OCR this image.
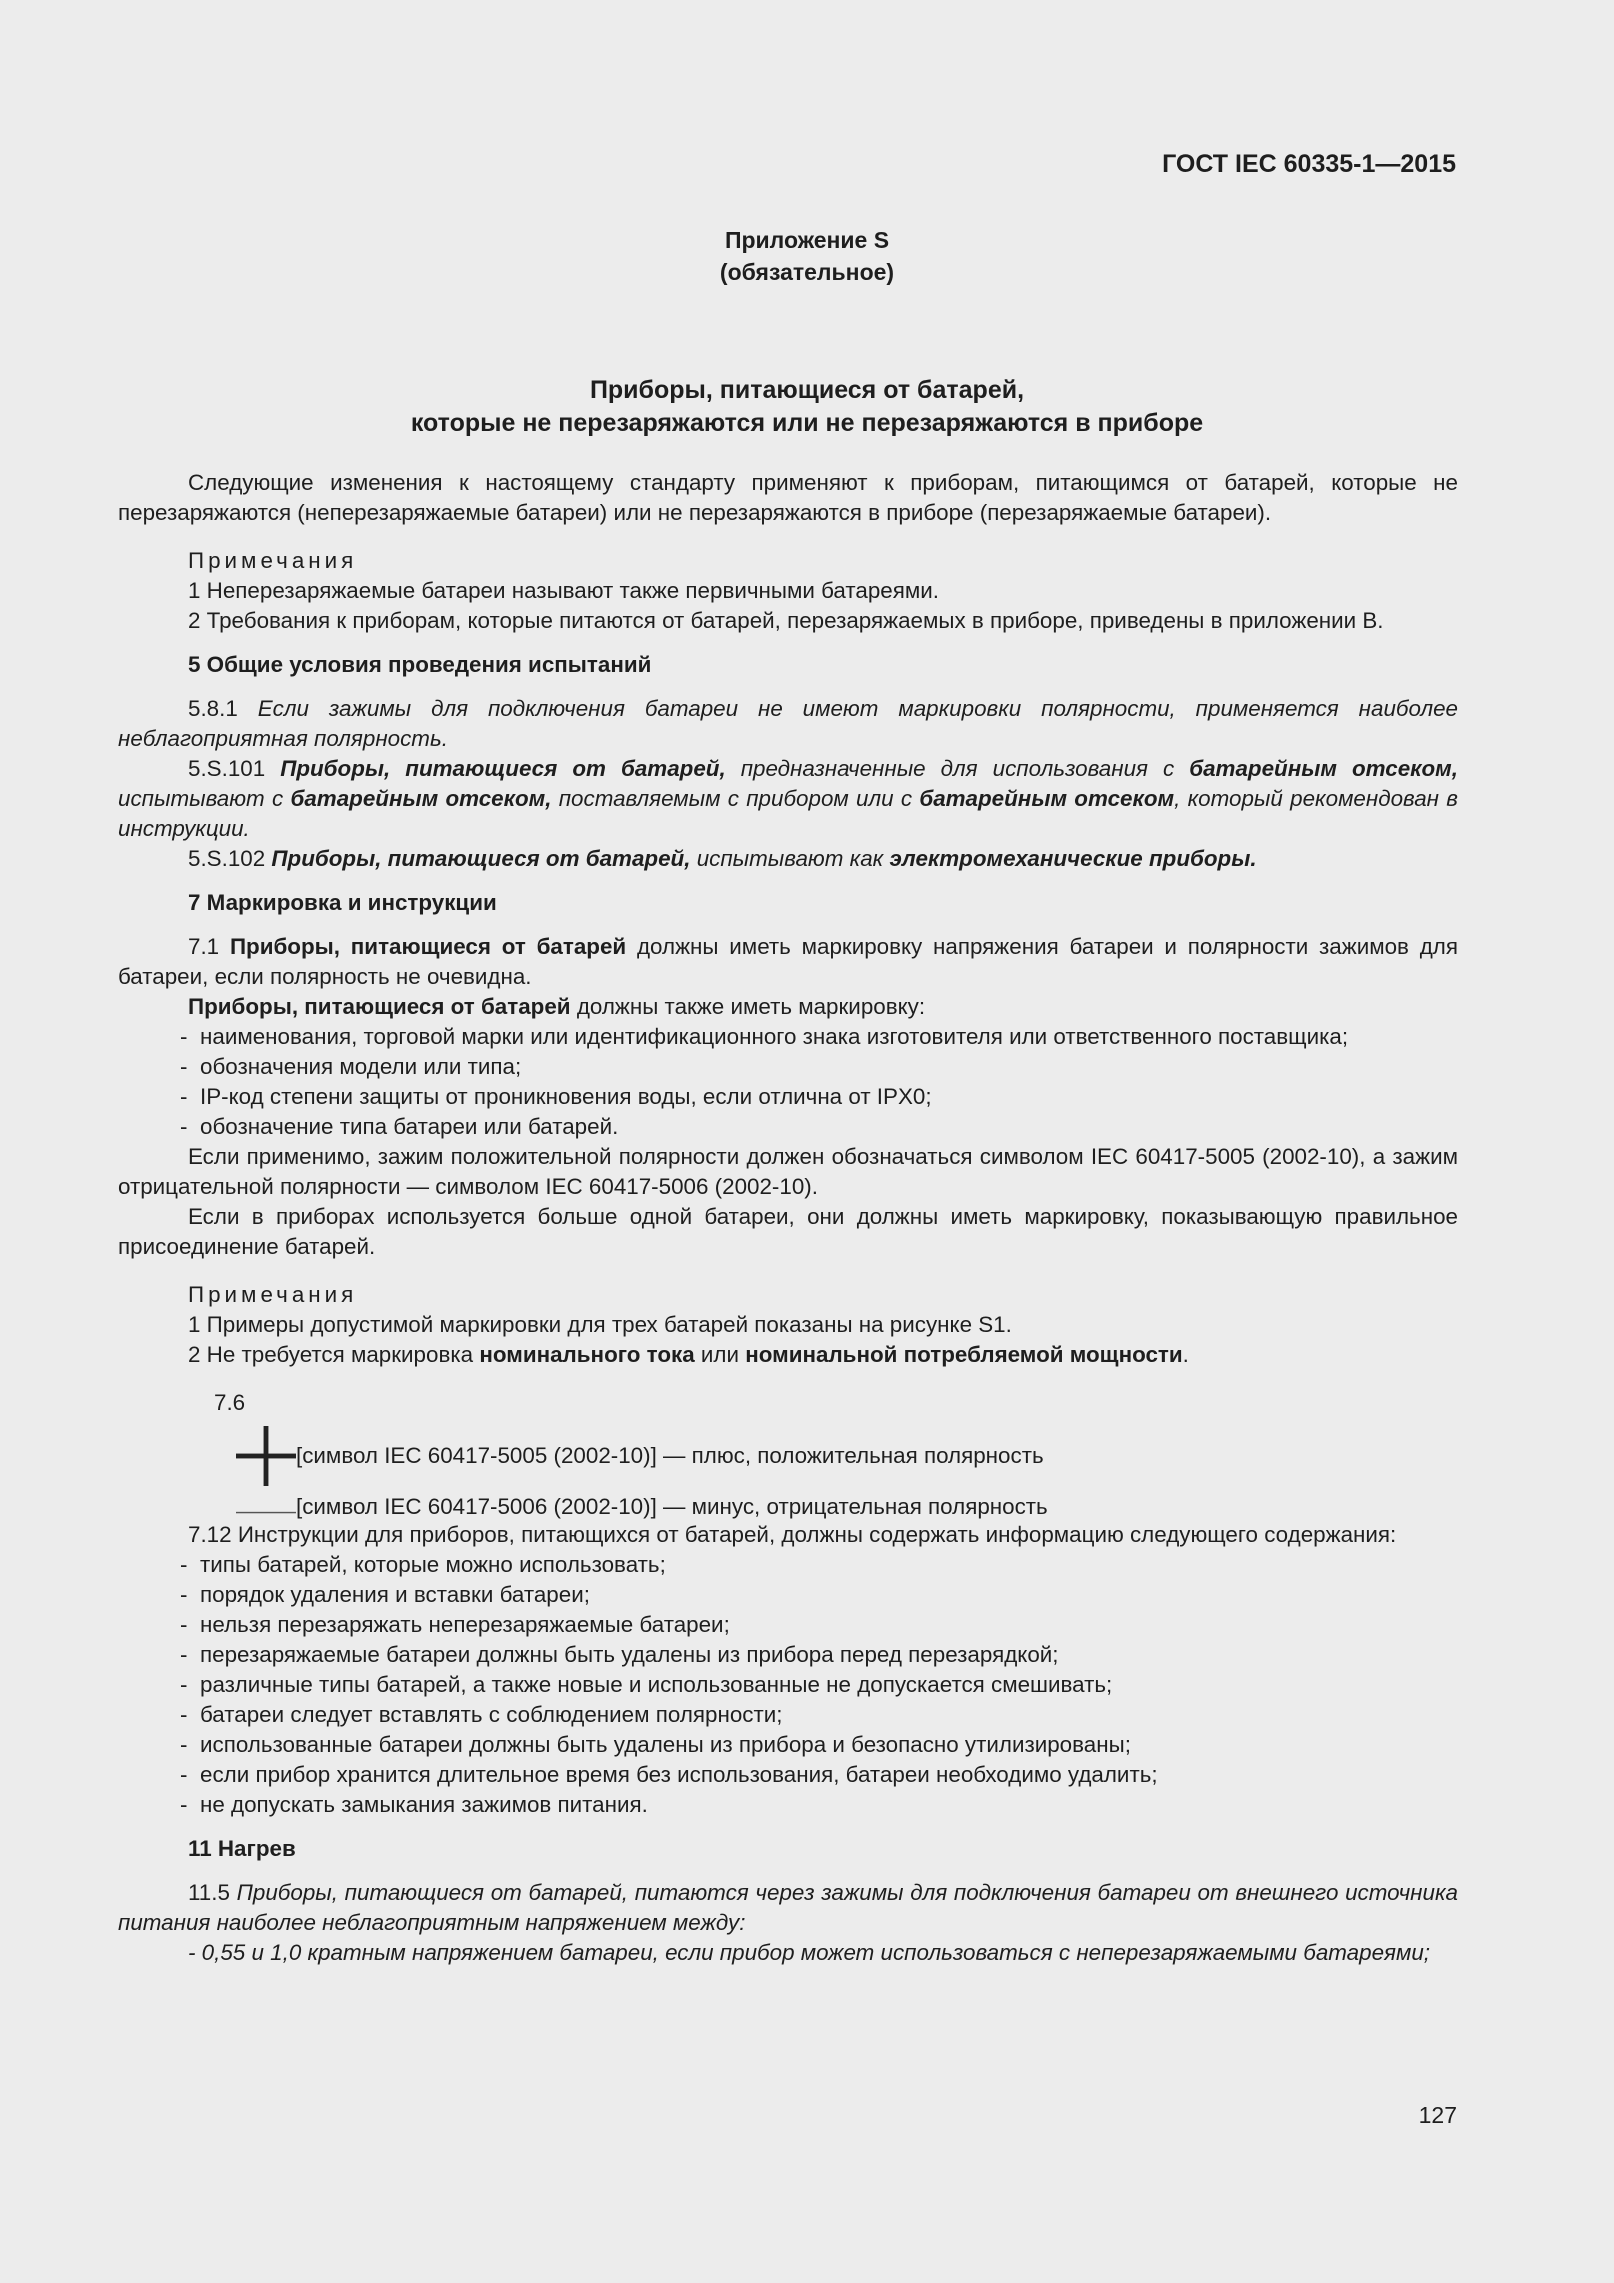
ГОСТ IEC 60335-1—2015
Приложение S
(обязательное)
Приборы, питающиеся от батарей,
которые не перезаряжаются или не перезаряжаются в приборе

Следующие изменения к настоящему стандарту применяют к приборам, питающимся от батарей, которые не перезаряжаются (неперезаряжаемые батареи) или не перезаряжаются в приборе (перезаряжаемые батареи).

Примечания

1 Неперезаряжаемые батареи называют также первичными батареями.

2 Требования к приборам, которые питаются от батарей, перезаряжаемых в приборе, приведены в приложении B.

5 Общие условия проведения испытаний

5.8.1 Если зажимы для подключения батареи не имеют маркировки полярности, применяется наиболее неблагоприятная полярность.

5.S.101 Приборы, питающиеся от батарей, предназначенные для использования с батарейным отсеком, испытывают с батарейным отсеком, поставляемым с прибором или с батарейным отсеком, который рекомендован в инструкции.

5.S.102 Приборы, питающиеся от батарей, испытывают как электромеханические приборы.

7 Маркировка и инструкции

7.1 Приборы, питающиеся от батарей должны иметь маркировку напряжения батареи и полярности зажимов для батареи, если полярность не очевидна.

Приборы, питающиеся от батарей должны также иметь маркировку:

- наименования, торговой марки или идентификационного знака изготовителя или ответственного поставщика;
- обозначения модели или типа;
- IP-код степени защиты от проникновения воды, если отлична от IPX0;
- обозначение типа батареи или батарей.

Если применимо, зажим положительной полярности должен обозначаться символом IEC 60417-5005 (2002-10), а зажим отрицательной полярности — символом IEC 60417-5006 (2002-10).

Если в приборах используется больше одной батареи, они должны иметь маркировку, показывающую правильное присоединение батарей.

Примечания

1 Примеры допустимой маркировки для трех батарей показаны на рисунке S1.

2 Не требуется маркировка номинального тока или номинальной потребляемой мощности.

7.6

[символ IEC 60417-5005 (2002-10)] — плюс, положительная полярность
[символ IEC 60417-5006 (2002-10)] — минус, отрицательная полярность

7.12 Инструкции для приборов, питающихся от батарей, должны содержать информацию следующего содержания:

- типы батарей, которые можно использовать;
- порядок удаления и вставки батареи;
- нельзя перезаряжать неперезаряжаемые батареи;
- перезаряжаемые батареи должны быть удалены из прибора перед перезарядкой;
- различные типы батарей, а также новые и использованные не допускается смешивать;
- батареи следует вставлять с соблюдением полярности;
- использованные батареи должны быть удалены из прибора и безопасно утилизированы;
- если прибор хранится длительное время без использования, батареи необходимо удалить;
- не допускать замыкания зажимов питания.

11 Нагрев

11.5 Приборы, питающиеся от батарей, питаются через зажимы для подключения батареи от внешнего источника питания наиболее неблагоприятным напряжением между:

- 0,55 и 1,0 кратным напряжением батареи, если прибор может использоваться с неперезаряжаемыми батареями;

127
